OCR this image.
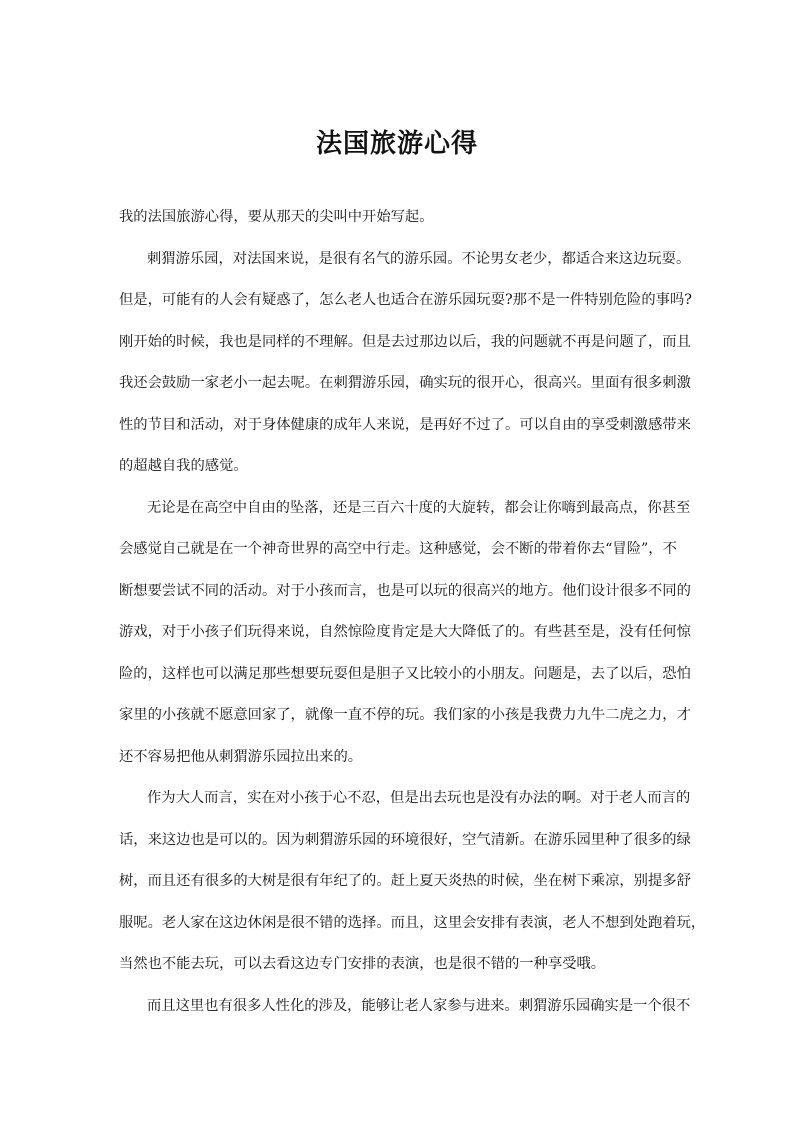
法国旅游心得
我的法国旅游心得，要从那天的尖叫中开始写起。
刺猬游乐园，对法国来说，是很有名气的游乐园。不论男女老少，都适合来这边玩耍。
但是，可能有的人会有疑惑了，怎么老人也适合在游乐园玩耍?那不是一件特别危险的事吗?
刚开始的时候，我也是同样的不理解。但是去过那边以后，我的问题就不再是问题了，而且
我还会鼓励一家老小一起去呢。在刺猬游乐园，确实玩的很开心，很高兴。里面有很多刺激
性的节目和活动，对于身体健康的成年人来说，是再好不过了。可以自由的享受刺激感带来
的超越自我的感觉。
无论是在高空中自由的坠落，还是三百六十度的大旋转，都会让你嗨到最高点，你甚至
会感觉自己就是在一个神奇世界的高空中行走。这种感觉，会不断的带着你去“冒险”，不
断想要尝试不同的活动。对于小孩而言，也是可以玩的很高兴的地方。他们设计很多不同的
游戏，对于小孩子们玩得来说，自然惊险度肯定是大大降低了的。有些甚至是，没有任何惊
险的，这样也可以满足那些想要玩耍但是胆子又比较小的小朋友。问题是，去了以后，恐怕
家里的小孩就不愿意回家了，就像一直不停的玩。我们家的小孩是我费力九牛二虎之力，才
还不容易把他从刺猬游乐园拉出来的。
作为大人而言，实在对小孩于心不忍，但是出去玩也是没有办法的啊。对于老人而言的
话，来这边也是可以的。因为刺猬游乐园的环境很好，空气清新。在游乐园里种了很多的绿
树，而且还有很多的大树是很有年纪了的。赶上夏天炎热的时候，坐在树下乘凉，别提多舒
服呢。老人家在这边休闲是很不错的选择。而且，这里会安排有表演，老人不想到处跑着玩，
当然也不能去玩，可以去看这边专门安排的表演，也是很不错的一种享受哦。
而且这里也有很多人性化的涉及，能够让老人家参与进来。刺猬游乐园确实是一个很不
